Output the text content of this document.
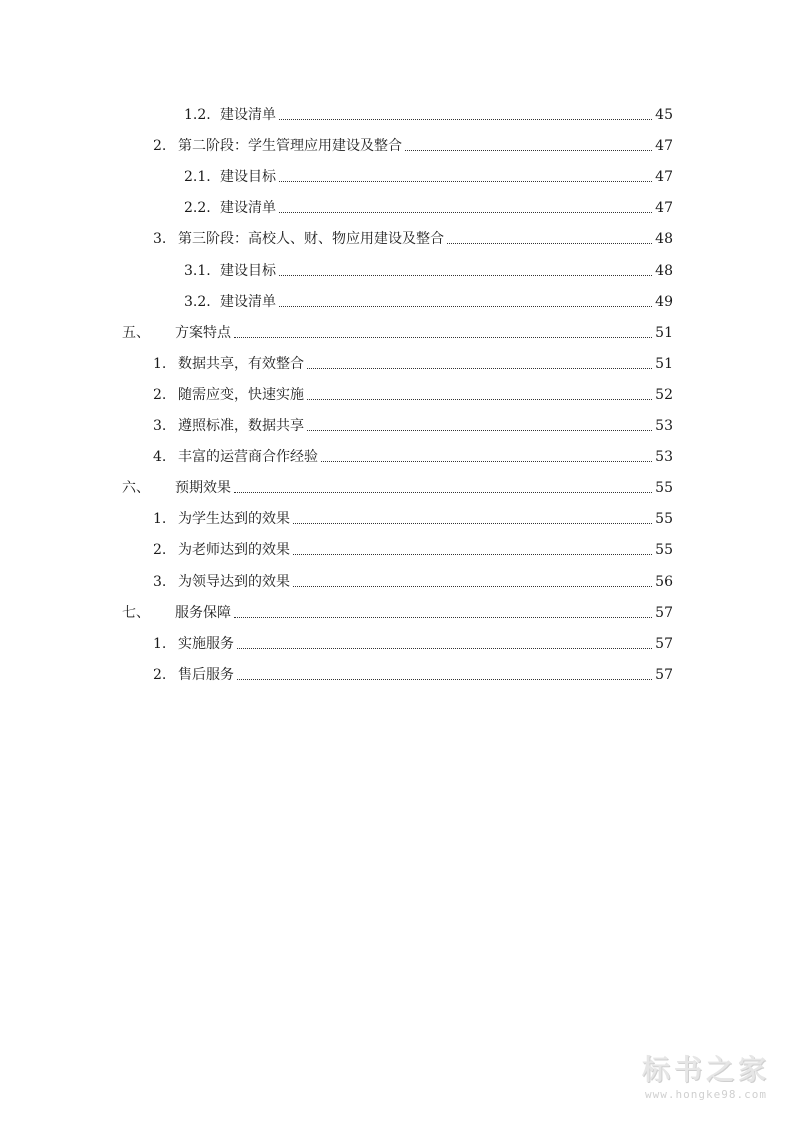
1.2. 建设清单	45
2. 第二阶段：学生管理应用建设及整合	47
2.1. 建设目标	47
2.2. 建设清单	47
3. 第三阶段：高校人、财、物应用建设及整合	48
3.1. 建设目标	48
3.2. 建设清单	49
五、	方案特点	51
1. 数据共享，有效整合	51
2. 随需应变，快速实施	52
3. 遵照标准，数据共享	53
4. 丰富的运营商合作经验	53
六、	预期效果	55
1. 为学生达到的效果	55
2. 为老师达到的效果	55
3. 为领导达到的效果	56
七、	服务保障	57
1. 实施服务	57
2. 售后服务	57
标书之家
www.hongke98.com
